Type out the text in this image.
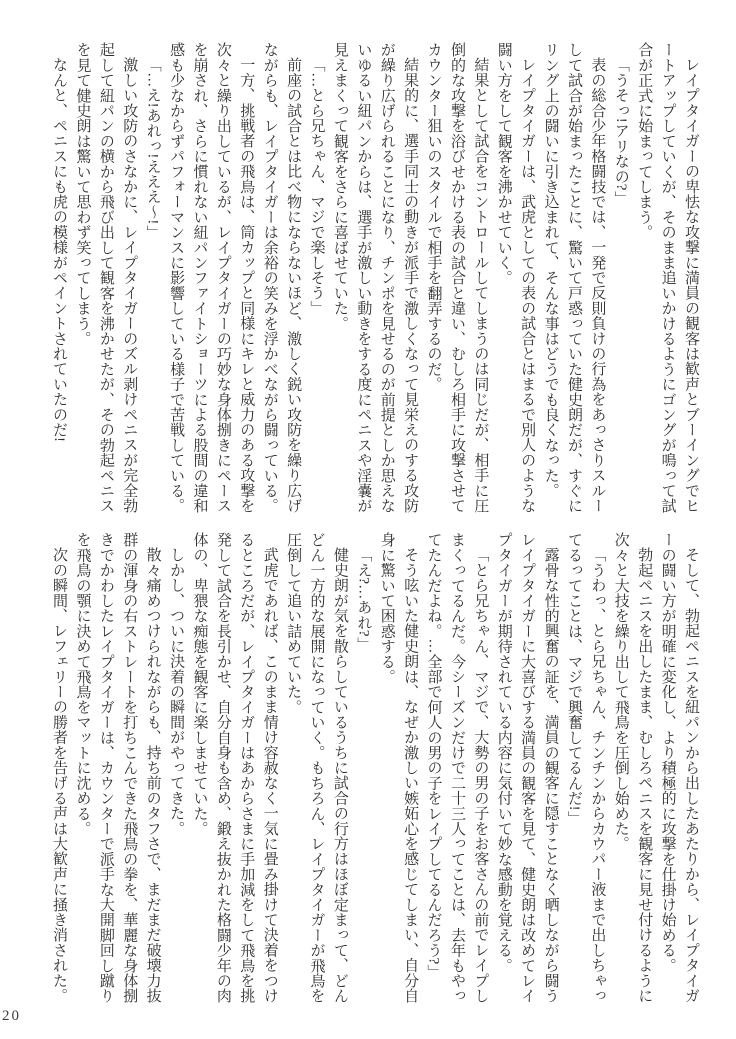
レイプタイガーの卑怯な攻撃に満員の観客は歓声とブーイングでヒートアップしていくが、そのまま追いかけるようにゴングが鳴って試合が正式に始まってしまう。

「うそっ!アリなの?」

表の総合少年格闘技では、一発で反則負けの行為をあっさりスルーして試合が始まったことに、驚いて戸惑っていた健史朗だが、すぐにリング上の闘いに引き込まれて、そんな事はどうでも良くなった。

レイプタイガーは、武虎としての表の試合とはまるで別人のような闘い方をして観客を沸かせていく。

結果として試合をコントロールしてしまうのは同じだが、相手に圧倒的な攻撃を浴びせかける表の試合と違い、むしろ相手に攻撃させてカウンター狙いのスタイルで相手を翻弄するのだ。

結果的に、選手同士の動きが派手で激しくなって見栄えのする攻防が繰り広げられることになり、チンポを見せるのが前提としか思えないゆるい紐パンからは、選手が激しい動きをする度にペニスや淫嚢が見えまくって観客をさらに喜ばせていた。

「…とら兄ちゃん、マジで楽しそう」

前座の試合とは比べ物にならないほど、激しく鋭い攻防を繰り広げながらも、レイプタイガーは余裕の笑みを浮かべながら闘っている。

一方、挑戦者の飛鳥は、筒カップと同様にキレと威力のある攻撃を次々と繰り出しているが、レイプタイガーの巧妙な身体捌きにペースを崩され、さらに慣れない紐パンファイトショーツによる股間の違和感も少なからずパフォーマンスに影響している様子で苦戦している。

「…え!あれっ!えええ〜!」

激しい攻防のさなかに、レイプタイガーのズル剥けペニスが完全勃起して紐パンの横から飛び出して観客を沸かせたが、その勃起ペニスを見て健史朗は驚いて思わず笑ってしまう。

なんと、ペニスにも虎の模様がペイントされていたのだ!

そして、勃起ペニスを紐パンから出したあたりから、レイプタイガーの闘い方が明確に変化し、より積極的に攻撃を仕掛け始める。

勃起ペニスを出したまま、むしろペニスを観客に見せ付けるように次々と大技を繰り出して飛鳥を圧倒し始めた。

「うわっ、とら兄ちゃん、チンチンからカウパー液まで出しちゃってるってことは、マジで興奮してるんだ!」

露骨な性的興奮の証を、満員の観客に隠すことなく晒しながら闘うレイプタイガーに大喜びする満員の観客を見て、健史朗は改めてレイプタイガーが期待されている内容に気付いて妙な感動を覚える。

「とら兄ちゃん、マジで、大勢の男の子をお客さんの前でレイプしまくってるんだ。今シーズンだけで二十三人ってことは、去年もやってたんだよね。…全部で何人の男の子をレイプしてるんだろう?」

そう呟いた健史朗は、なぜか激しい嫉妬心を感じてしまい、自分自身に驚いて困惑する。

「え?…あれ?」

健史朗が気を散らしているうちに試合の行方はほぼ定まって、どんどん一方的な展開になっていく。もちろん、レイプタイガーが飛鳥を圧倒して追い詰めていた。

武虎であれば、このまま情け容赦なく一気に畳み掛けて決着をつけるところだが、レイプタイガーはあからさまに手加減をして飛鳥を挑発して試合を長引かせ、自分自身も含め、鍛え抜かれた格闘少年の肉体の、卑猥な痴態を観客に楽しませていた。

しかし、ついに決着の瞬間がやってきた。

散々痛めつけられながらも、持ち前のタフさで、まだまだ破壊力抜群の渾身の右ストレートを打ちこんできた飛鳥の拳を、華麗な身体捌きでかわしたレイプタイガーは、カウンターで派手な大開脚回し蹴りを飛鳥の顎に決めて飛鳥をマットに沈める。

次の瞬間、レフェリーの勝者を告げる声は大歓声に掻き消された。

20
